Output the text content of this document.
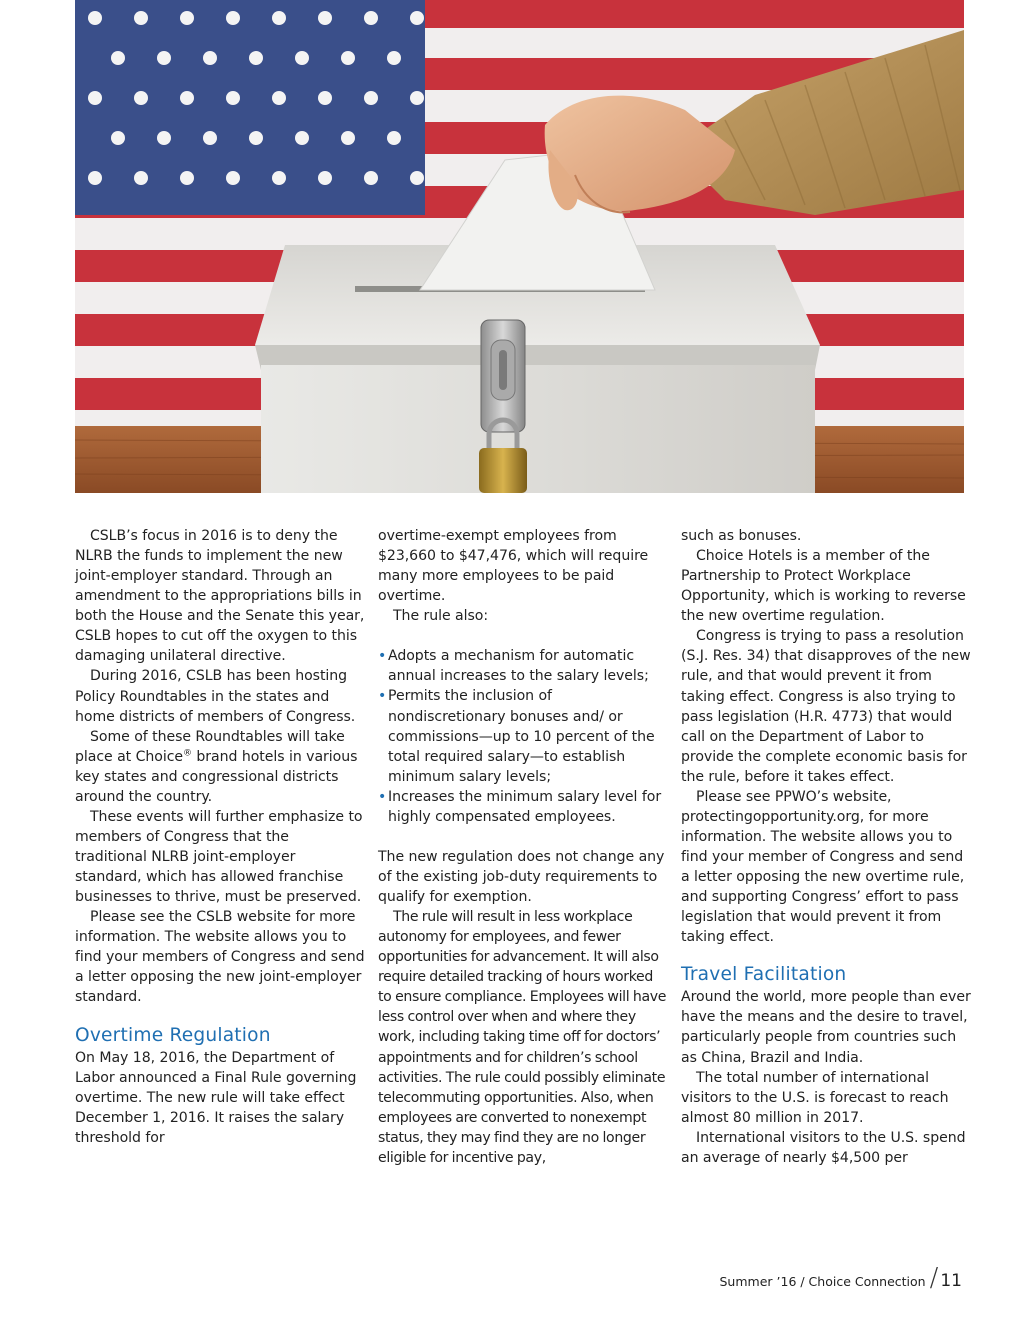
CSLB’s focus in 2016 is to deny the NLRB the funds to implement the new joint-employer standard. Through an amendment to the appropriations bills in both the House and the Senate this year, CSLB hopes to cut off the oxygen to this damaging unilateral directive.

During 2016, CSLB has been hosting Policy Roundtables in the states and home districts of members of Congress.

Some of these Roundtables will take place at Choice® brand hotels in various key states and congressional districts around the country.

These events will further emphasize to members of Congress that the traditional NLRB joint-employer standard, which has allowed franchise businesses to thrive, must be preserved.

Please see the CSLB website for more information. The website allows you to find your members of Congress and send a letter opposing the new joint-employer standard.

Overtime Regulation

On May 18, 2016, the Department of Labor announced a Final Rule governing overtime. The new rule will take effect December 1, 2016. It raises the salary threshold for

overtime-exempt employees from $23,660 to $47,476, which will require many more employees to be paid overtime.

The rule also:

• Adopts a mechanism for automatic annual increases to the salary levels;
• Permits the inclusion of nondiscretionary bonuses and/ or commissions—up to 10 percent of the total required salary—to establish minimum salary levels;
• Increases the minimum salary level for highly compensated employees.

The new regulation does not change any of the existing job-duty requirements to qualify for exemption.

The rule will result in less workplace autonomy for employees, and fewer opportunities for advancement. It will also require detailed tracking of hours worked to ensure compliance. Employees will have less control over when and where they work, including taking time off for doctors’ appointments and for children’s school activities. The rule could possibly eliminate telecommuting opportunities. Also, when employees are converted to nonexempt status, they may find they are no longer eligible for incentive pay,

such as bonuses.

Choice Hotels is a member of the Partnership to Protect Workplace Opportunity, which is working to reverse the new overtime regulation.

Congress is trying to pass a resolution (S.J. Res. 34) that disapproves of the new rule, and that would prevent it from taking effect. Congress is also trying to pass legislation (H.R. 4773) that would call on the Department of Labor to provide the complete economic basis for the rule, before it takes effect.

Please see PPWO’s website, protectingopportunity.org, for more information. The website allows you to find your member of Congress and send a letter opposing the new overtime rule, and supporting Congress’ effort to pass legislation that would prevent it from taking effect.

Travel Facilitation

Around the world, more people than ever have the means and the desire to travel, particularly people from countries such as China, Brazil and India.

The total number of international visitors to the U.S. is forecast to reach almost 80 million in 2017.

International visitors to the U.S. spend an average of nearly $4,500 per

Summer ’16 / Choice Connection / 11
